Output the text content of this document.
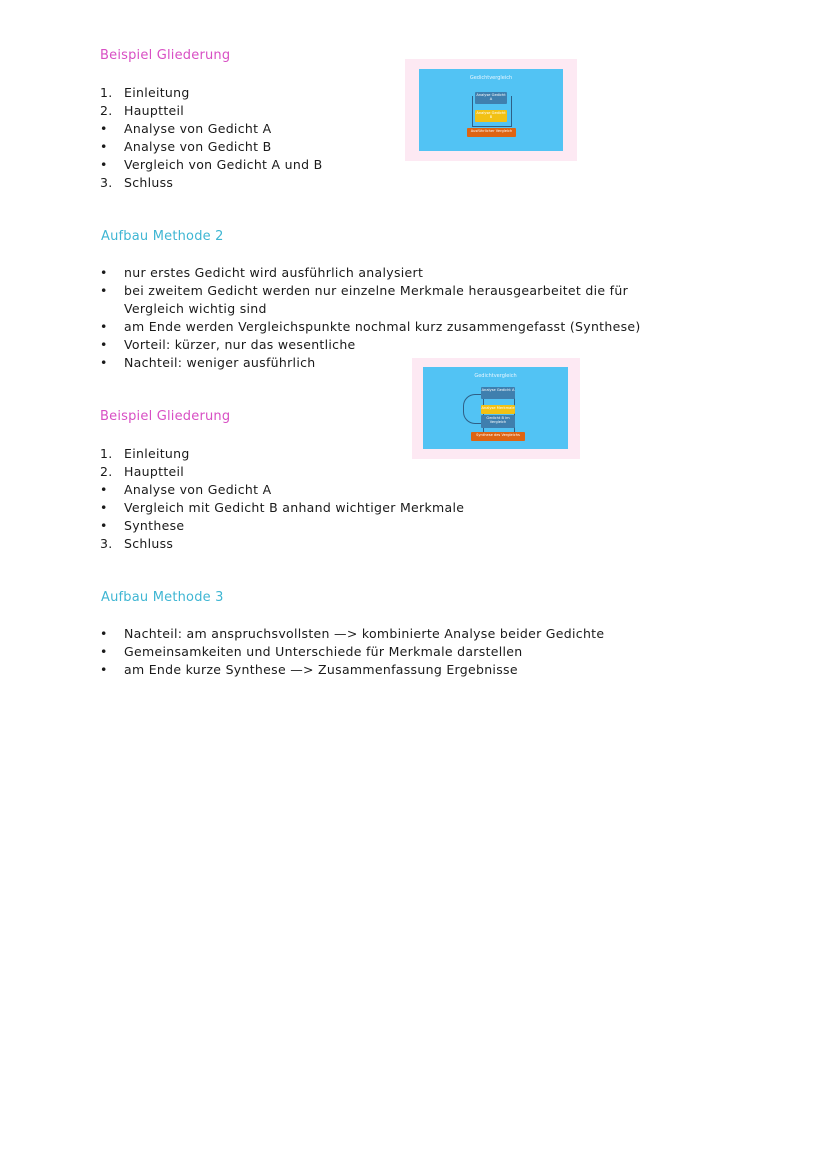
Beispiel Gliederung
1. Einleitung
2. Hauptteil
• Analyse von Gedicht A
• Analyse von Gedicht B
• Vergleich von Gedicht A und B
3. Schluss
Gedichtvergleich
Analyse Gedicht A
Analyse Gedicht B
Ausführlicher Vergleich
Aufbau Methode 2
• nur erstes Gedicht wird ausführlich analysiert
• bei zweitem Gedicht werden nur einzelne Merkmale herausgearbeitet die für
Vergleich wichtig sind
• am Ende werden Vergleichspunkte nochmal kurz zusammengefasst (Synthese)
• Vorteil: kürzer, nur das wesentliche
• Nachteil: weniger ausführlich
Beispiel Gliederung
1. Einleitung
2. Hauptteil
• Analyse von Gedicht A
• Vergleich mit Gedicht B anhand wichtiger Merkmale
• Synthese
3. Schluss
Gedichtvergleich
Analyse Gedicht A
Analyse Merkmale
Gedicht B im Vergleich
Synthese des Vergleichs
Aufbau Methode 3
• Nachteil: am anspruchsvollsten —> kombinierte Analyse beider Gedichte
• Gemeinsamkeiten und Unterschiede für Merkmale darstellen
• am Ende kurze Synthese —> Zusammenfassung Ergebnisse
